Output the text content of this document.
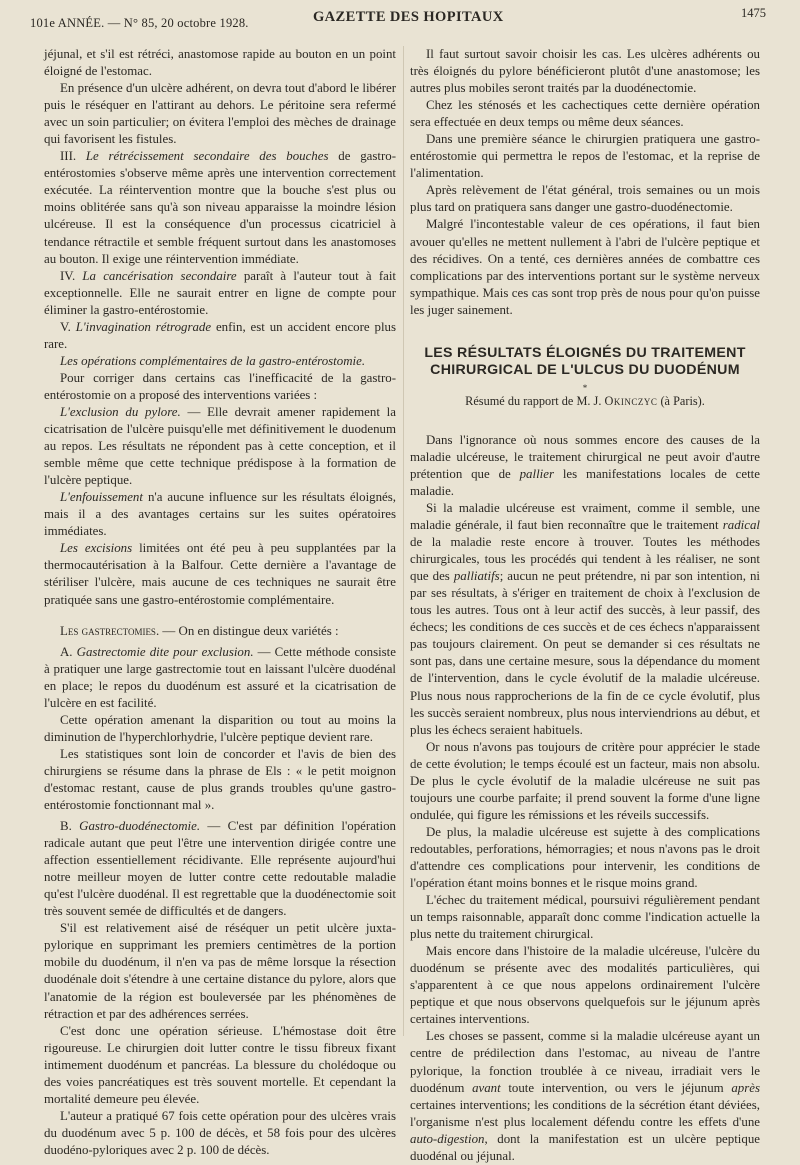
101e ANNÉE. — N° 85, 20 octobre 1928.	GAZETTE DES HOPITAUX	1475

jéjunal, et s'il est rétréci, anastomose rapide au bouton en un point éloigné de l'estomac.

En présence d'un ulcère adhérent, on devra tout d'abord le libérer puis le réséquer en l'attirant au dehors. Le péritoine sera refermé avec un soin particulier; on évitera l'emploi des mèches de drainage qui favorisent les fistules.

III. Le rétrécissement secondaire des bouches de gastro-entérostomies s'observe même après une intervention correctement exécutée. La réintervention montre que la bouche s'est plus ou moins oblitérée sans qu'à son niveau apparaisse la moindre lésion ulcéreuse. Il est la conséquence d'un processus cicatriciel à tendance rétractile et semble fréquent surtout dans les anastomoses au bouton. Il exige une réintervention immédiate.

IV. La cancérisation secondaire paraît à l'auteur tout à fait exceptionnelle. Elle ne saurait entrer en ligne de compte pour éliminer la gastro-entérostomie.

V. L'invagination rétrograde enfin, est un accident encore plus rare.

Les opérations complémentaires de la gastro-entérostomie.

Pour corriger dans certains cas l'inefficacité de la gastro-entérostomie on a proposé des interventions variées :

L'exclusion du pylore. — Elle devrait amener rapidement la cicatrisation de l'ulcère puisqu'elle met définitivement le duodenum au repos. Les résultats ne répondent pas à cette conception, et il semble même que cette technique prédispose à la formation de l'ulcère peptique.

L'enfouissement n'a aucune influence sur les résultats éloignés, mais il a des avantages certains sur les suites opératoires immédiates.

Les excisions limitées ont été peu à peu supplantées par la thermocautérisation à la Balfour. Cette dernière a l'avantage de stériliser l'ulcère, mais aucune de ces techniques ne saurait être pratiquée sans une gastro-entérostomie complémentaire.

Les gastrectomies. — On en distingue deux variétés :

A. Gastrectomie dite pour exclusion. — Cette méthode consiste à pratiquer une large gastrectomie tout en laissant l'ulcère duodénal en place; le repos du duodénum est assuré et la cicatrisation de l'ulcère en est facilité.

Cette opération amenant la disparition ou tout au moins la diminution de l'hyperchlorhydrie, l'ulcère peptique devient rare.

Les statistiques sont loin de concorder et l'avis de bien des chirurgiens se résume dans la phrase de Els : « le petit moignon d'estomac restant, cause de plus grands troubles qu'une gastro-entérostomie fonctionnant mal ».

B. Gastro-duodénectomie. — C'est par définition l'opération radicale autant que peut l'être une intervention dirigée contre une affection essentiellement récidivante. Elle représente aujourd'hui notre meilleur moyen de lutter contre cette redoutable maladie qu'est l'ulcère duodénal. Il est regrettable que la duodénectomie soit très souvent semée de difficultés et de dangers.

S'il est relativement aisé de réséquer un petit ulcère juxta-pylorique en supprimant les premiers centimètres de la portion mobile du duodénum, il n'en va pas de même lorsque la résection duodénale doit s'étendre à une certaine distance du pylore, alors que l'anatomie de la région est bouleversée par les phénomènes de rétraction et par des adhérences serrées.

C'est donc une opération sérieuse. L'hémostase doit être rigoureuse. Le chirurgien doit lutter contre le tissu fibreux fixant intimement duodénum et pancréas. La blessure du cholédoque ou des voies pancréatiques est très souvent mortelle. Et cependant la mortalité demeure peu élevée.

L'auteur a pratiqué 67 fois cette opération pour des ulcères vrais du duodénum avec 5 p. 100 de décès, et 58 fois pour des ulcères duodéno-pyloriques avec 2 p. 100 de décès.

Il faut surtout savoir choisir les cas. Les ulcères adhérents ou très éloignés du pylore bénéficieront plutôt d'une anastomose; les autres plus mobiles seront traités par la duodénectomie.

Chez les sténosés et les cachectiques cette dernière opération sera effectuée en deux temps ou même deux séances.

Dans une première séance le chirurgien pratiquera une gastro-entérostomie qui permettra le repos de l'estomac, et la reprise de l'alimentation.

Après relèvement de l'état général, trois semaines ou un mois plus tard on pratiquera sans danger une gastro-duodénectomie.

Malgré l'incontestable valeur de ces opérations, il faut bien avouer qu'elles ne mettent nullement à l'abri de l'ulcère peptique et des récidives. On a tenté, ces dernières années de combattre ces complications par des interventions portant sur le système nerveux sympathique. Mais ces cas sont trop près de nous pour qu'on puisse les juger sainement.

LES RÉSULTATS ÉLOIGNÉS DU TRAITEMENT CHIRURGICAL DE L'ULCUS DU DUODÉNUM
*
Résumé du rapport de M. J. Okinczyc (à Paris).

Dans l'ignorance où nous sommes encore des causes de la maladie ulcéreuse, le traitement chirurgical ne peut avoir d'autre prétention que de pallier les manifestations locales de cette maladie.

Si la maladie ulcéreuse est vraiment, comme il semble, une maladie générale, il faut bien reconnaître que le traitement radical de la maladie reste encore à trouver. Toutes les méthodes chirurgicales, tous les procédés qui tendent à les réaliser, ne sont que des palliatifs; aucun ne peut prétendre, ni par son intention, ni par ses résultats, à s'ériger en traitement de choix à l'exclusion de tous les autres. Tous ont à leur actif des succès, à leur passif, des échecs; les conditions de ces succès et de ces échecs n'apparaissent pas toujours clairement. On peut se demander si ces résultats ne sont pas, dans une certaine mesure, sous la dépendance du moment de l'intervention, dans le cycle évolutif de la maladie ulcéreuse. Plus nous nous rapprocherions de la fin de ce cycle évolutif, plus les succès seraient nombreux, plus nous interviendrions au début, et plus les échecs seraient habituels.

Or nous n'avons pas toujours de critère pour apprécier le stade de cette évolution; le temps écoulé est un facteur, mais non absolu. De plus le cycle évolutif de la maladie ulcéreuse ne suit pas toujours une courbe parfaite; il prend souvent la forme d'une ligne ondulée, qui figure les rémissions et les réveils successifs.

De plus, la maladie ulcéreuse est sujette à des complications redoutables, perforations, hémorragies; et nous n'avons pas le droit d'attendre ces complications pour intervenir, les conditions de l'opération étant moins bonnes et le risque moins grand.

L'échec du traitement médical, poursuivi régulièrement pendant un temps raisonnable, apparaît donc comme l'indication actuelle la plus nette du traitement chirurgical.

Mais encore dans l'histoire de la maladie ulcéreuse, l'ulcère du duodénum se présente avec des modalités particulières, qui s'apparentent à ce que nous appelons ordinairement l'ulcère peptique et que nous observons quelquefois sur le jéjunum après certaines interventions.

Les choses se passent, comme si la maladie ulcéreuse ayant un centre de prédilection dans l'estomac, au niveau de l'antre pylorique, la fonction troublée à ce niveau, irradiait vers le duodénum avant toute intervention, ou vers le jéjunum après certaines interventions; les conditions de la sécrétion étant déviées, l'organisme n'est plus localement défendu contre les effets d'une auto-digestion, dont la manifestation est un ulcère peptique duodénal ou jéjunal.
